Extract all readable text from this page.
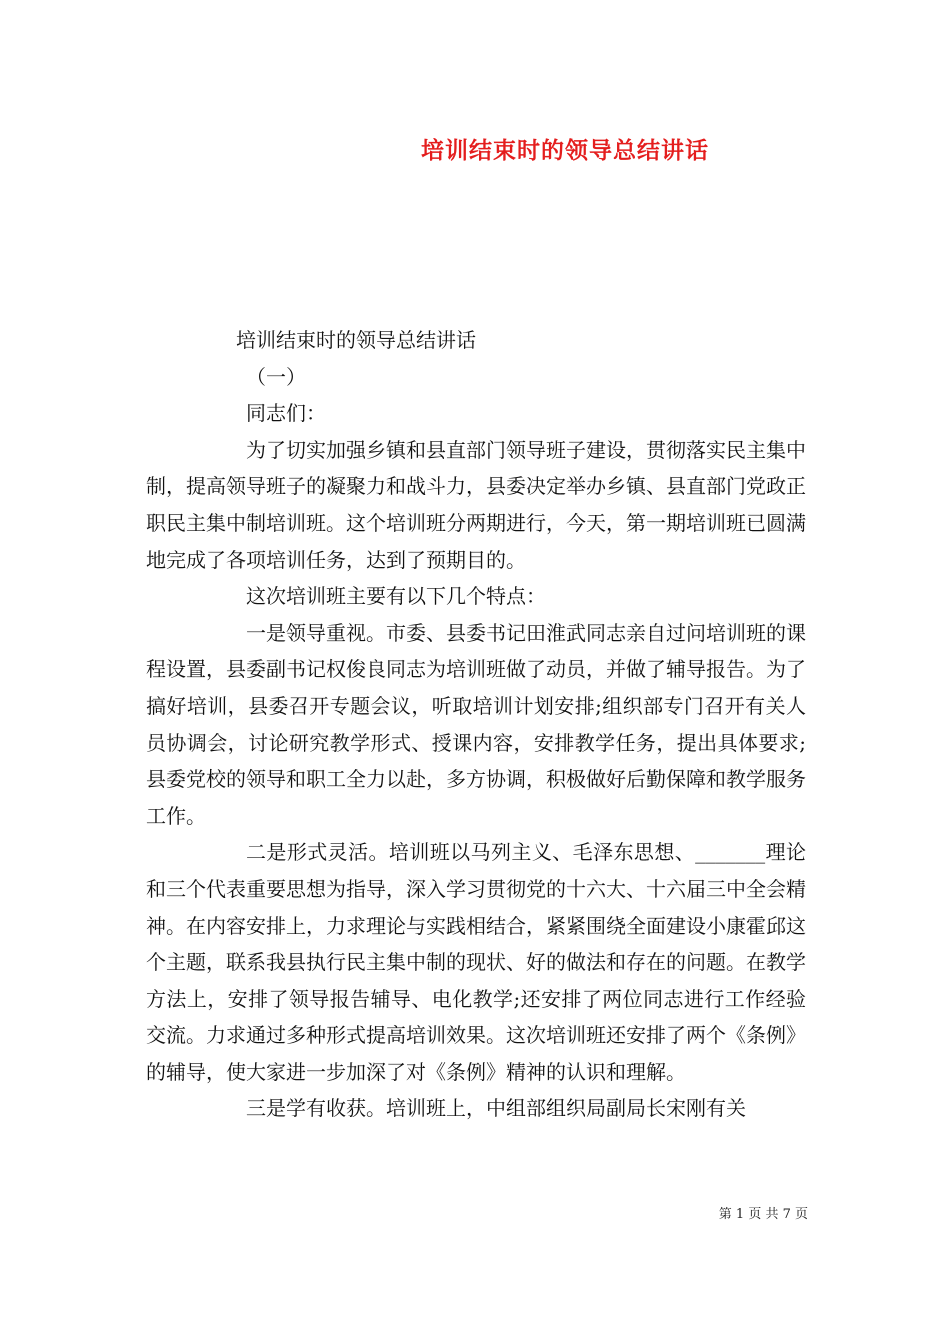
培训结束时的领导总结讲话

培训结束时的领导总结讲话

（一）

同志们：

为了切实加强乡镇和县直部门领导班子建设，贯彻落实民主集中制，提高领导班子的凝聚力和战斗力，县委决定举办乡镇、县直部门党政正职民主集中制培训班。这个培训班分两期进行，今天，第一期培训班已圆满地完成了各项培训任务，达到了预期目的。

这次培训班主要有以下几个特点：

一是领导重视。市委、县委书记田淮武同志亲自过问培训班的课程设置，县委副书记权俊良同志为培训班做了动员，并做了辅导报告。为了搞好培训，县委召开专题会议，听取培训计划安排;组织部专门召开有关人员协调会，讨论研究教学形式、授课内容，安排教学任务，提出具体要求;县委党校的领导和职工全力以赴，多方协调，积极做好后勤保障和教学服务工作。

二是形式灵活。培训班以马列主义、毛泽东思想、_______理论和三个代表重要思想为指导，深入学习贯彻党的十六大、十六届三中全会精神。在内容安排上，力求理论与实践相结合，紧紧围绕全面建设小康霍邱这个主题，联系我县执行民主集中制的现状、好的做法和存在的问题。在教学方法上，安排了领导报告辅导、电化教学;还安排了两位同志进行工作经验交流。力求通过多种形式提高培训效果。这次培训班还安排了两个《条例》的辅导，使大家进一步加深了对《条例》精神的认识和理解。

三是学有收获。培训班上，中组部组织局副局长宋刚有关

第 1 页 共 7 页
